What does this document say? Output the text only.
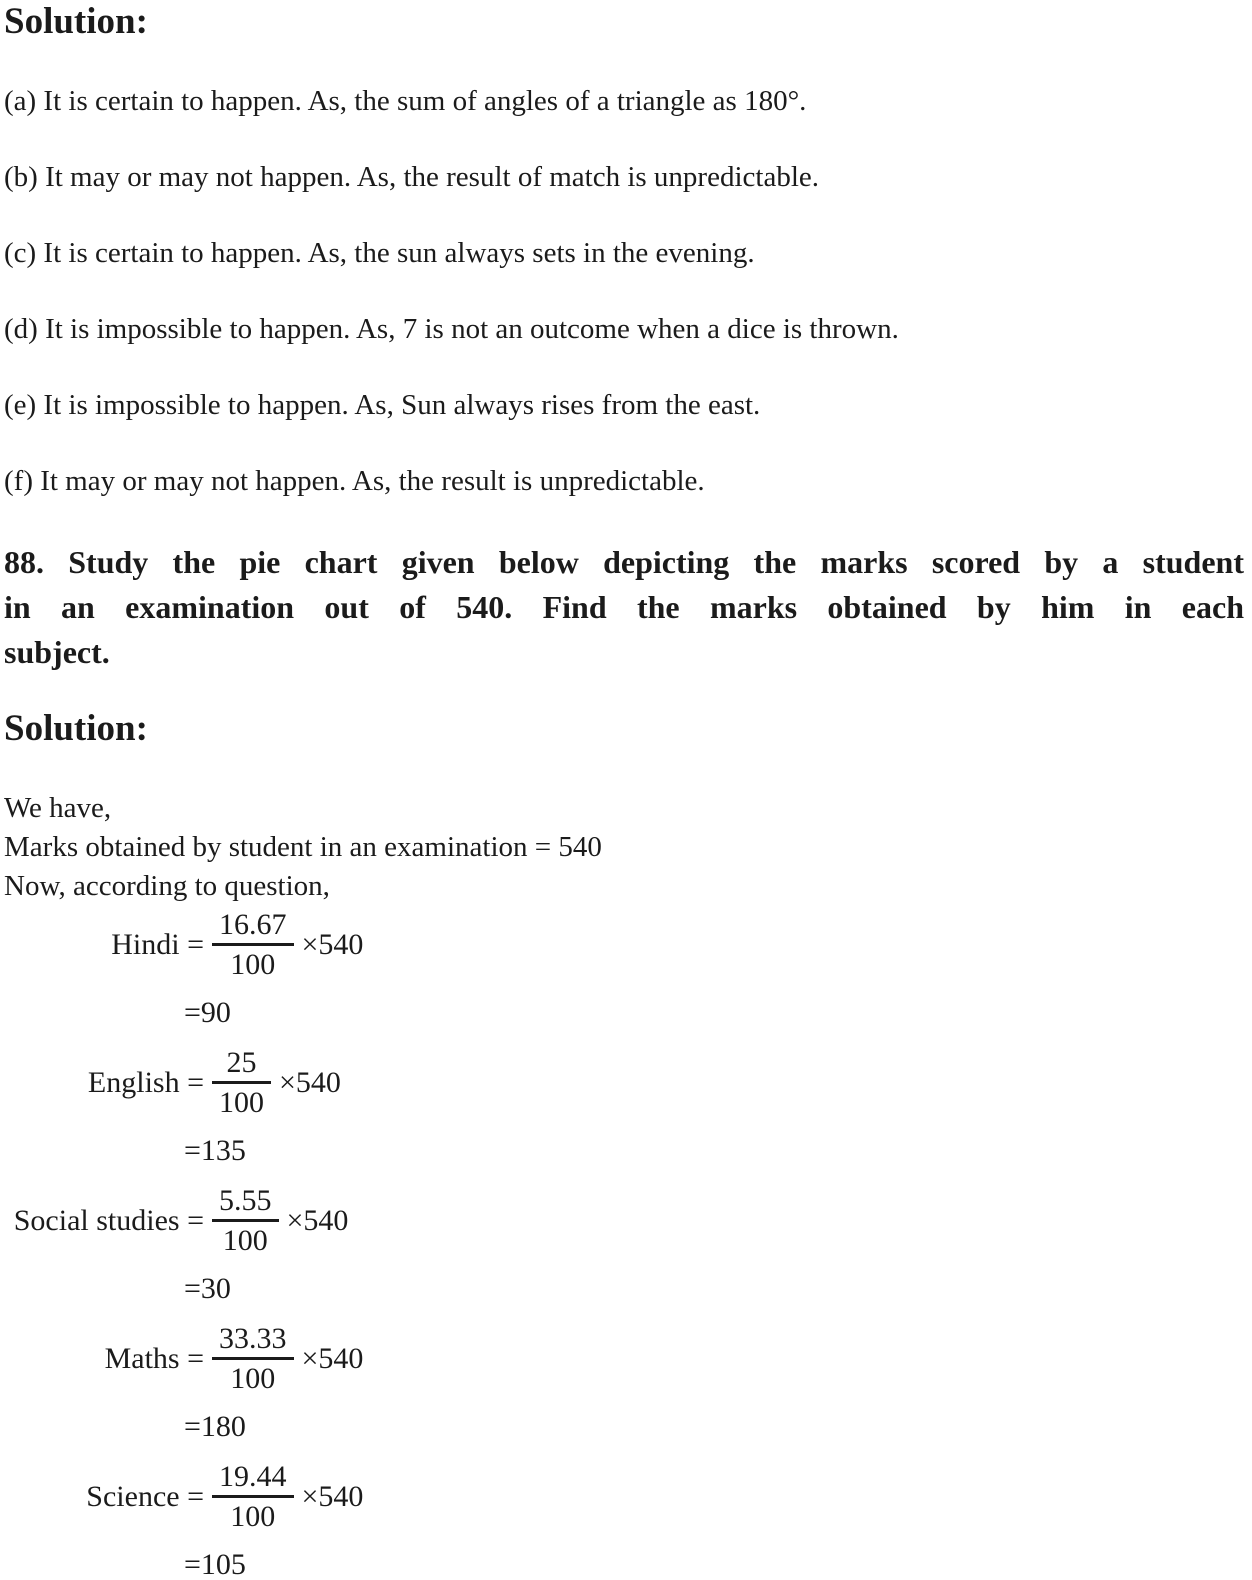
Solution:

(a) It is certain to happen. As, the sum of angles of a triangle as 180°.

(b) It may or may not happen. As, the result of match is unpredictable.

(c) It is certain to happen. As, the sun always sets in the evening.

(d) It is impossible to happen. As, 7 is not an outcome when a dice is thrown.

(e) It is impossible to happen. As, Sun always rises from the east.

(f) It may or may not happen. As, the result is unpredictable.

88. Study the pie chart given below depicting the marks scored by a student
in an examination out of 540. Find the marks obtained by him in each
subject.
Solution:

We have,

Marks obtained by student in an examination = 540

Now, according to question,

Hindi = $\frac{16.67}{100} \times 540$
=90
English = $\frac{25}{100} \times 540$
=135
Social studies = $\frac{5.55}{100} \times 540$
=30
Maths = $\frac{33.33}{100} \times 540$
=180
Science = $\frac{19.44}{100} \times 540$
=105
